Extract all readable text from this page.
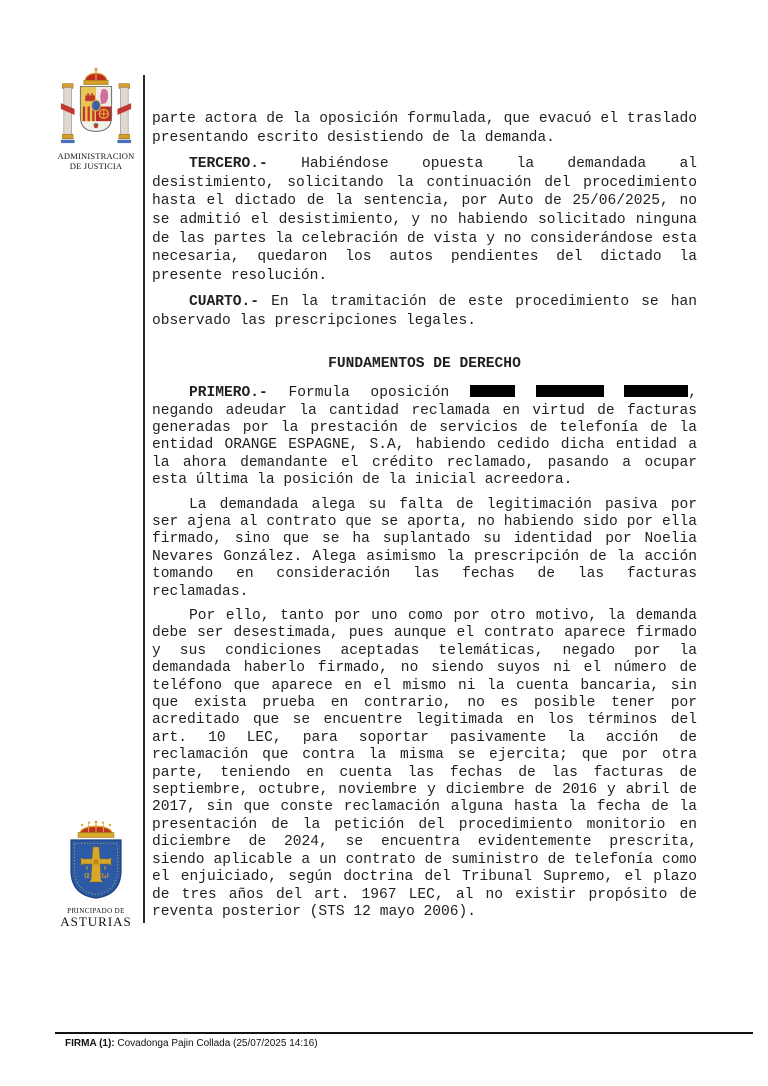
ADMINISTRACION
DE JUSTICIA
parte actora de la oposición formulada, que evacuó el traslado
presentando escrito desistiendo de la demanda.
TERCERO.- Habiéndose opuesta la demandada al
desistimiento, solicitando la continuación del procedimiento
hasta el dictado de la sentencia, por Auto de 25/06/2025, no
se admitió el desistimiento, y no habiendo solicitado ninguna
de las partes la celebración de vista y no considerándose esta
necesaria, quedaron los autos pendientes del dictado la
presente resolución.
CUARTO.- En la tramitación de este procedimiento se han
observado las prescripciones legales.
FUNDAMENTOS DE DERECHO
PRIMERO.- Formula oposición	,
negando adeudar la cantidad reclamada en virtud de facturas
generadas por la prestación de servicios de telefonía de la
entidad ORANGE ESPAGNE, S.A, habiendo cedido dicha entidad a
la ahora demandante el crédito reclamado, pasando a ocupar
esta última la posición de la inicial acreedora.
La demandada alega su falta de legitimación pasiva por
ser ajena al contrato que se aporta, no habiendo sido por ella
firmado, sino que se ha suplantado su identidad por Noelia
Nevares González. Alega asimismo la prescripción de la acción
tomando en consideración las fechas de las facturas
reclamadas.
Por ello, tanto por uno como por otro motivo, la demanda
debe ser desestimada, pues aunque el contrato aparece firmado
y sus condiciones aceptadas telemáticas, negado por la
demandada haberlo firmado, no siendo suyos ni el número de
teléfono que aparece en el mismo ni la cuenta bancaria, sin
que exista prueba en contrario, no es posible tener por
acreditado que se encuentre legitimada en los términos del
art. 10 LEC, para soportar pasivamente la acción de
reclamación que contra la misma se ejercita; que por otra
parte, teniendo en cuenta las fechas de las facturas de
septiembre, octubre, noviembre y diciembre de 2016 y abril de
2017, sin que conste reclamación alguna hasta la fecha de la
presentación de la petición del procedimiento monitorio en
diciembre de 2024, se encuentra evidentemente prescrita,
siendo aplicable a un contrato de suministro de telefonía como
el enjuiciado, según doctrina del Tribunal Supremo, el plazo
de tres años del art. 1967 LEC, al no existir propósito de
reventa posterior (STS 12 mayo 2006).
α ω
PRINCIPADO DE
ASTURIAS
FIRMA (1): Covadonga Pajin Collada (25/07/2025 14:16)
